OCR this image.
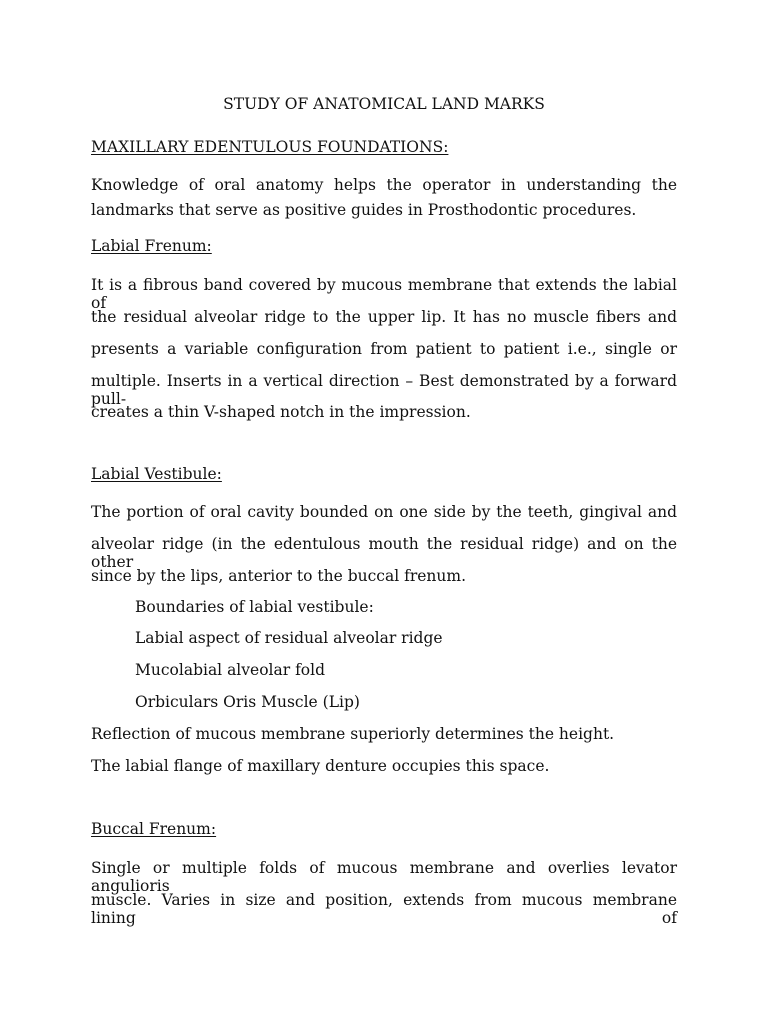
STUDY OF ANATOMICAL LAND MARKS

MAXILLARY EDENTULOUS FOUNDATIONS:

Knowledge of oral anatomy helps the operator in understanding the

landmarks that serve as positive guides in Prosthodontic procedures.

Labial Frenum:

It is a fibrous band covered by mucous membrane that extends the labial of

the residual alveolar ridge to the upper lip. It has no muscle fibers and

presents a variable configuration from patient to patient i.e., single or

multiple. Inserts in a vertical direction – Best demonstrated by a forward pull-

creates a thin V-shaped notch in the impression.

Labial Vestibule:

The portion of oral cavity bounded on one side by the teeth, gingival and

alveolar ridge (in the edentulous mouth the residual ridge) and on the other

since by the lips, anterior to the buccal frenum.

Boundaries of labial vestibule:

Labial aspect of residual alveolar ridge

Mucolabial alveolar fold

Orbiculars Oris Muscle (Lip)

Reflection of mucous membrane superiorly determines the height.

The labial flange of maxillary denture occupies this space.

Buccal Frenum:

Single or multiple folds of mucous membrane and overlies levator angulioris

muscle. Varies in size and position, extends from mucous membrane lining of
